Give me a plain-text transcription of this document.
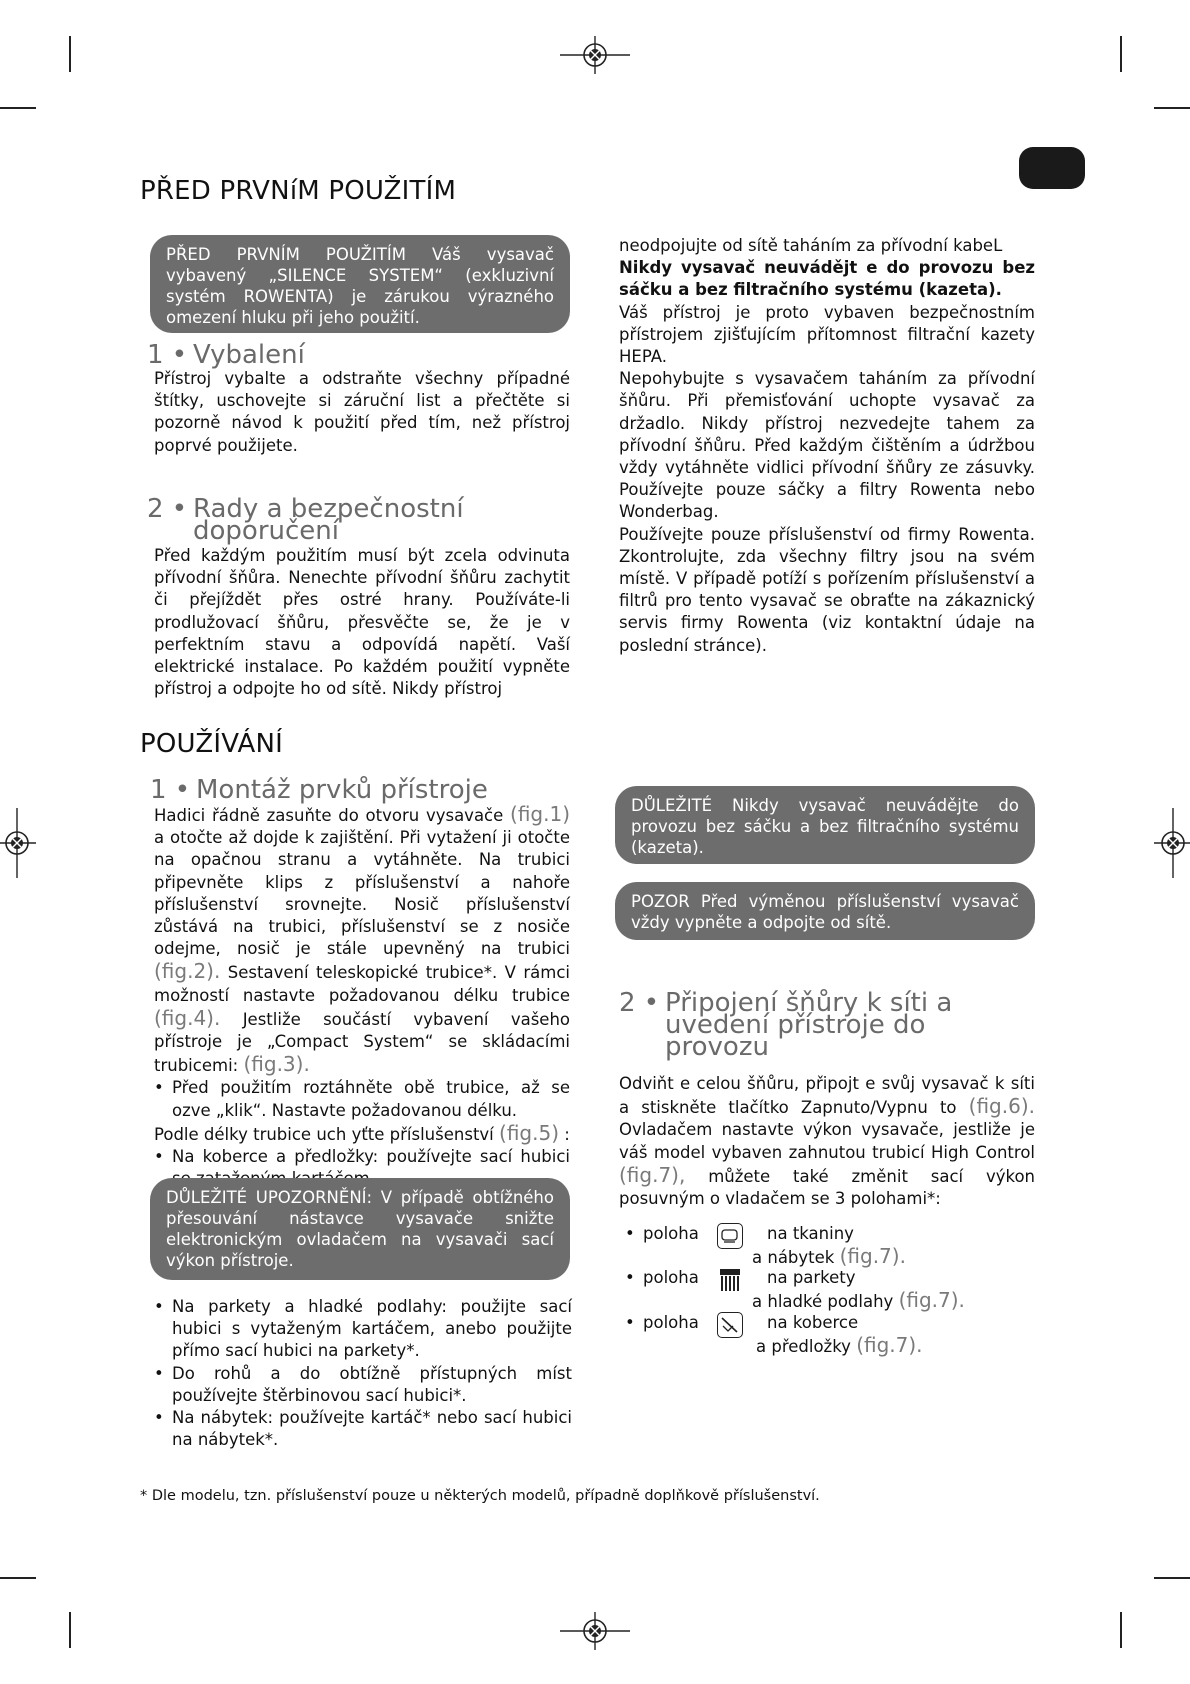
PŘED PRVNíM POUŽITÍM
PŘED PRVNÍM POUŽITÍM Váš vysavač vybavený „SILENCE SYSTEM“ (exkluzivní systém ROWENTA) je zárukou výrazného omezení hluku při jeho použití.
1 • Vybalení

Přístroj vybalte a odstraňte všechny případné štítky, uschovejte si záruční list a přečtěte si pozorně návod k použití před tím, než přístroj poprvé použijete.

2 • Rady a bezpečnostní
doporučení

Před každým použitím musí být zcela odvinuta přívodní šňůra. Nenechte přívodní šňůru zachytit či přejíždět přes ostré hrany. Používáte-li prodlužovací šňůru, přesvěčte se, že je v perfektním stavu a odpovídá napětí. Vaší elektrické instalace. Po každém použití vypněte přístroj a odpojte ho od sítě. Nikdy přístroj

neodpojujte od sítě taháním za přívodní kabeL

Nikdy vysavač neuvádějt e do provozu bez sáčku a bez filtračního systému (kazeta).

Váš přístroj je proto vybaven bezpečnostním přístrojem zjišťujícím přítomnost filtrační kazety HEPA.

Nepohybujte s vysavačem taháním za přívodní šňůru. Při přemisťování uchopte vysavač za držadlo. Nikdy přístroj nezvedejte tahem za přívodní šňůru. Před každým čištěním a údržbou vždy vytáhněte vidlici přívodní šňůry ze zásuvky. Používejte pouze sáčky a filtry Rowenta nebo Wonderbag.

Používejte pouze příslušenství od firmy Rowenta. Zkontrolujte, zda všechny filtry jsou na svém místě. V případě potíží s pořízením příslušenství a filtrů pro tento vysavač se obraťte na zákaznický servis firmy Rowenta (viz kontaktní údaje na poslední stránce).

POUŽÍVÁNÍ
1 • Montáž prvků přístroje

Hadici řádně zasuňte do otvoru vysavače (fig.1) a otočte až dojde k zajištění. Při vytažení ji otočte na opačnou stranu a vytáhněte. Na trubici připevněte klips z příslušenství a nahoře příslušenství srovnejte. Nosič příslušenství zůstává na trubici, příslušenství se z nosiče odejme, nosič je stále upevněný na trubici (fig.2). Sestavení teleskopické trubice*. V rámci možností nastavte požadovanou délku trubice (fig.4). Jestliže součástí vybavení vašeho přístroje je „Compact System“ se skládacími trubicemi: (fig.3).

• Před použitím roztáhněte obě trubice, až se ozve „klik“. Nastavte požadovanou délku.

Podle délky trubice uch yťte příslušenství (fig.5) :

• Na koberce a předložky: používejte sací hubici
DŮLEŽITÉ UPOZORNĚNÍ: V případě obtížného přesouvání nástavce vysavače snižte elektronickým ovladačem na vysavači sací výkon přístroje.
• Na parkety a hladké podlahy: použijte sací hubici s vytaženým kartáčem, anebo použijte přímo sací hubici na parkety*.
• Do rohů a do obtížně přístupných míst používejte štěrbinovou sací hubici*.
• Na nábytek: používejte kartáč* nebo sací hubici na nábytek*.
DŮLEŽITÉ Nikdy vysavač neuvádějte do provozu bez sáčku a bez filtračního systému (kazeta).
POZOR Před výměnou příslušenství vysavač vždy vypněte a odpojte od sítě.
2 • Připojení šňůry k síti a
uvedení přístroje do
provozu

Odviňt e celou šňůru, připojt e svůj vysavač k síti a stiskněte tlačítko Zapnuto/Vypnu to (fig.6). Ovladačem nastavte výkon vysavače, jestliže je váš model vybaven zahnutou trubicí High Control (fig.7), můžete také změnit sací výkon posuvným o vladačem se 3 polohami*:

• poloha	na tkaniny
a nábytek (fig.7).
• poloha	na parkety
a hladké podlahy (fig.7).
• poloha	na koberce
a předložky (fig.7).
* Dle modelu, tzn. příslušenství pouze u některých modelů, případně doplňkově příslušenství.
